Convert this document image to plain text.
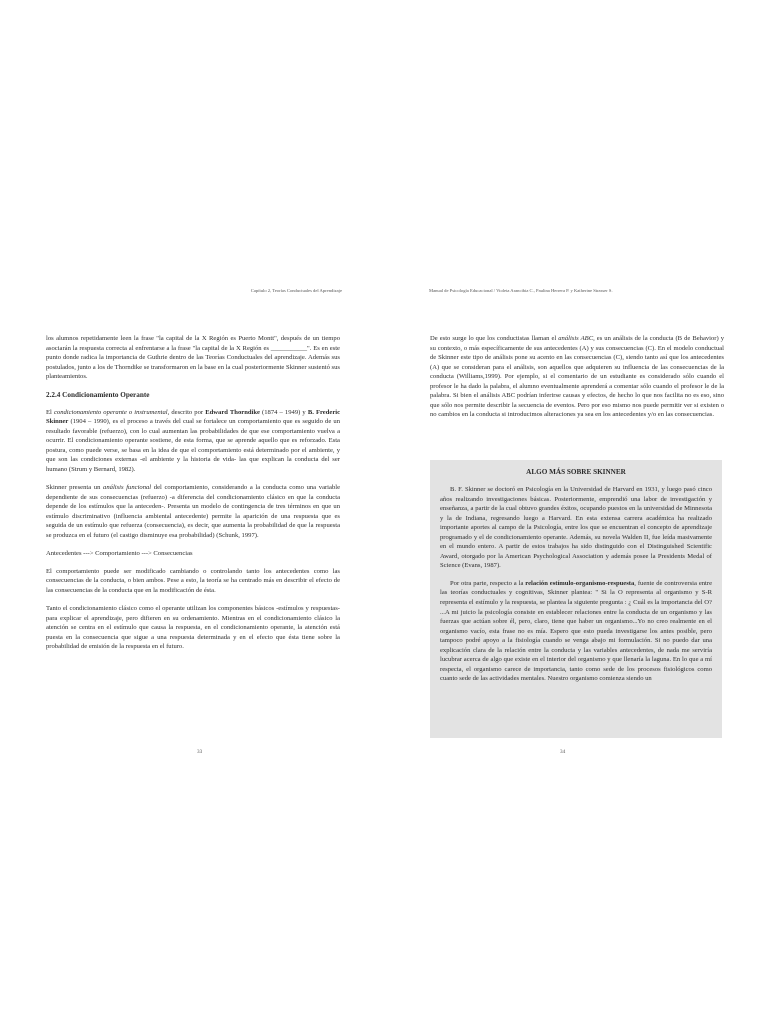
Capítulo 2, Teorías Conductuales del Aprendizaje

los alumnos repetidamente leen la frase "la capital de la X Región es Puerto Montt", después de un tiempo asociarán la respuesta correcta al enfrentarse a la frase "la capital de la X Región es ___________". Es en este punto donde radica la importancia de Guthrie dentro de las Teorías Conductuales del aprendizaje. Además sus postulados, junto a los de Thorndike se transformaron en la base en la cual posteriormente Skinner sustentó sus planteamientos.

2.2.4 Condicionamiento Operante

El condicionamiento operante o instrumental, descrito por Edward Thorndike (1874 – 1949) y B. Frederic Skinner (1904 – 1990), es el proceso a través del cual se fortalece un comportamiento que es seguido de un resultado favorable (refuerzo), con lo cual aumentan las probabilidades de que ese comportamiento vuelva a ocurrir. El condicionamiento operante sostiene, de esta forma, que se aprende aquello que es reforzado. Esta postura, como puede verse, se basa en la idea de que el comportamiento está determinado por el ambiente, y que son las condiciones externas -el ambiente y la historia de vida- las que explican la conducta del ser humano (Strum y Bernard, 1982).

Skinner presenta un análisis funcional del comportamiento, considerando a la conducta como una variable dependiente de sus consecuencias (refuerzo) -a diferencia del condicionamiento clásico en que la conducta depende de los estímulos que la anteceden-. Presenta un modelo de contingencia de tres términos en que un estímulo discriminativo (influencia ambiental antecedente) permite la aparición de una respuesta que es seguida de un estímulo que refuerza (consecuencia), es decir, que aumenta la probabilidad de que la respuesta se produzca en el futuro (el castigo disminuye esa probabilidad) (Schunk, 1997).

Antecedentes ---> Comportamiento ---> Consecuencias

El comportamiento puede ser modificado cambiando o controlando tanto los antecedentes como las consecuencias de la conducta, o bien ambos. Pese a esto, la teoría se ha centrado más en describir el efecto de las consecuencias de la conducta que en la modificación de ésta.

Tanto el condicionamiento clásico como el operante utilizan los componentes básicos -estímulos y respuestas- para explicar el aprendizaje, pero difieren en su ordenamiento. Mientras en el condicionamiento clásico la atención se centra en el estímulo que causa la respuesta, en el condicionamiento operante, la atención está puesta en la consecuencia que sigue a una respuesta determinada y en el efecto que ésta tiene sobre la probabilidad de emisión de la respuesta en el futuro.

33
Manual de Psicología Educacional / Violeta Arancibia C., Paulina Herrera P. y Katherine Strasser S.

De esto surge lo que los conductistas llaman el análisis ABC, es un análisis de la conducta (B de Behavior) y su contexto, o más específicamente de sus antecedentes (A) y sus consecuencias (C). En el modelo conductual de Skinner este tipo de análisis pone su acento en las consecuencias (C), siendo tanto así que los antecedentes (A) que se consideran para el análisis, son aquellos que adquieren su influencia de las consecuencias de la conducta (Williams,1999). Por ejemplo, si el comentario de un estudiante es considerado sólo cuando el profesor le ha dado la palabra, el alumno eventualmente aprenderá a comentar sólo cuando el profesor le de la palabra. Si bien el análisis ABC podrían inferirse causas y efectos, de hecho lo que nos facilita no es eso, sino que sólo nos permite describir la secuencia de eventos. Pero por eso mismo nos puede permitir ver si existen o no cambios en la conducta si introducimos alteraciones ya sea en los antecedentes y/o en las consecuencias.

ALGO MÁS SOBRE SKINNER

B. F. Skinner se doctoró en Psicología en la Universidad de Harvard en 1931, y luego pasó cinco años realizando investigaciones básicas. Posteriormente, emprendió una labor de investigación y enseñanza, a partir de la cual obtuvo grandes éxitos, ocupando puestos en la universidad de Minnesota y la de Indiana, regresando luego a Harvard. En esta extensa carrera académica ha realizado importante aportes al campo de la Psicología, entre los que se encuentran el concepto de aprendizaje programado y el de condicionamiento operante. Además, su novela Walden II, fue leída masivamente en el mundo entero. A partir de estos trabajos ha sido distinguido con el Distinguished Scientific Award, otorgado por la American Psychological Association y además posee la Presidents Medal of Science (Evans, 1987).

Por otra parte, respecto a la relación estímulo-organismo-respuesta, fuente de controversia entre las teorías conductuales y cognitivas, Skinner plantea: " Si la O representa al organismo y S-R representa el estímulo y la respuesta, se plantea la siguiente pregunta : ¿ Cuál es la importancia del O? ...A mi juicio la psicología consiste en establecer relaciones entre la conducta de un organismo y las fuerzas que actúan sobre él, pero, claro, tiene que haber un organismo...Yo no creo realmente en el organismo vacío, esta frase no es mía. Espero que esto pueda investigarse los antes posible, pero tampoco podré apoyo a la fisiología cuando se venga abajo mi formulación. Si no puedo dar una explicación clara de la relación entre la conducta y las variables antecedentes, de nada me serviría lucubrar acerca de algo que existe en el interior del organismo y que llenaría la laguna. En lo que a mí respecta, el organismo carece de importancia, tanto como sede de los procesos fisiológicos como cuanto sede de las actividades mentales. Nuestro organismo comienza siendo un

34
